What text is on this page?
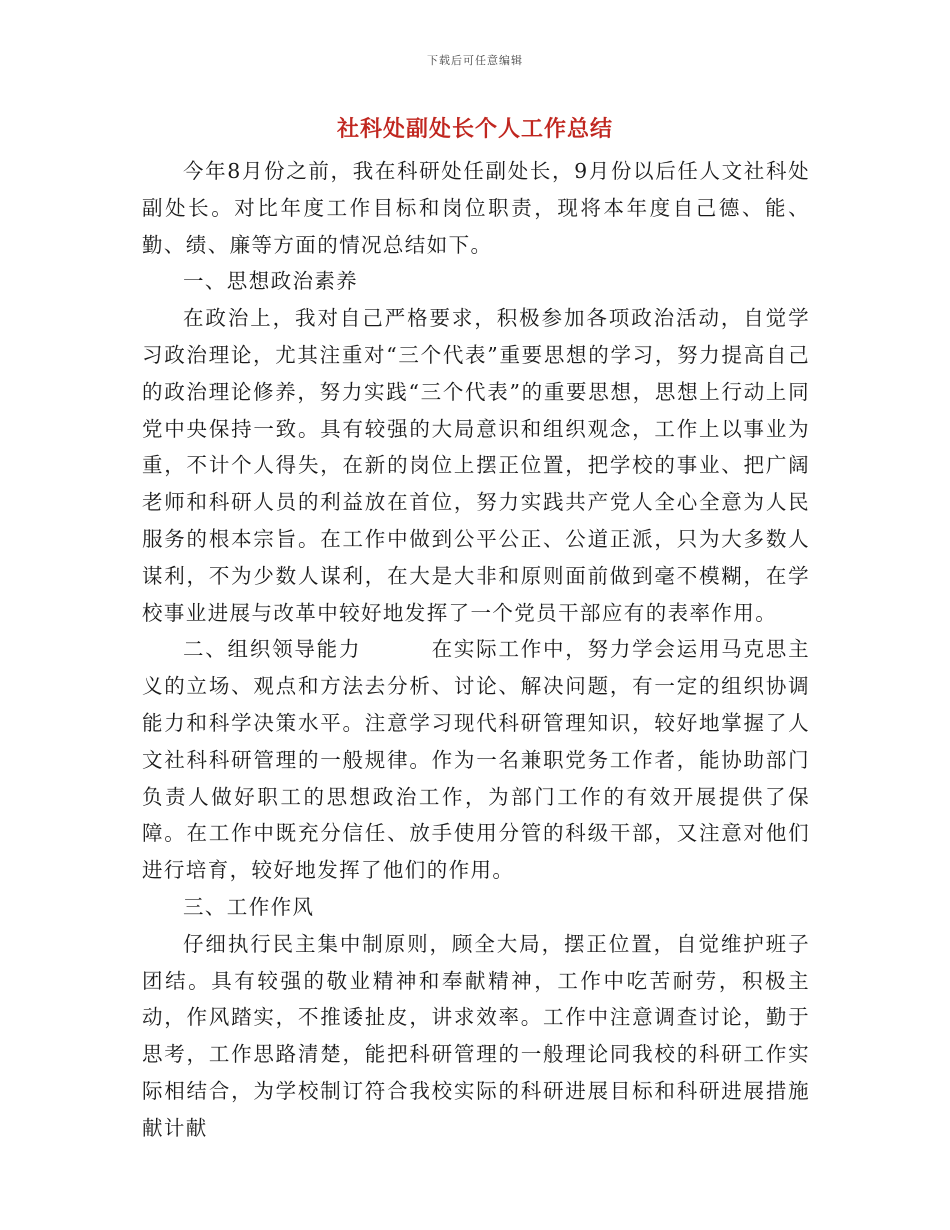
下载后可任意编辑
社科处副处长个人工作总结

今年8月份之前，我在科研处任副处长，9月份以后任人文社科处副处长。对比年度工作目标和岗位职责，现将本年度自己德、能、勤、绩、廉等方面的情况总结如下。

一、思想政治素养

在政治上，我对自己严格要求，积极参加各项政治活动，自觉学习政治理论，尤其注重对“三个代表”重要思想的学习，努力提高自己的政治理论修养，努力实践“三个代表”的重要思想，思想上行动上同党中央保持一致。具有较强的大局意识和组织观念，工作上以事业为重，不计个人得失，在新的岗位上摆正位置，把学校的事业、把广阔老师和科研人员的利益放在首位，努力实践共产党人全心全意为人民服务的根本宗旨。在工作中做到公平公正、公道正派，只为大多数人谋利，不为少数人谋利，在大是大非和原则面前做到毫不模糊，在学校事业进展与改革中较好地发挥了一个党员干部应有的表率作用。

二、组织领导能力	在实际工作中，努力学会运用马克思主义的立场、观点和方法去分析、讨论、解决问题，有一定的组织协调能力和科学决策水平。注意学习现代科研管理知识，较好地掌握了人文社科科研管理的一般规律。作为一名兼职党务工作者，能协助部门负责人做好职工的思想政治工作，为部门工作的有效开展提供了保障。在工作中既充分信任、放手使用分管的科级干部，又注意对他们进行培育，较好地发挥了他们的作用。

三、工作作风

仔细执行民主集中制原则，顾全大局，摆正位置，自觉维护班子团结。具有较强的敬业精神和奉献精神，工作中吃苦耐劳，积极主动，作风踏实，不推诿扯皮，讲求效率。工作中注意调查讨论，勤于思考，工作思路清楚，能把科研管理的一般理论同我校的科研工作实际相结合，为学校制订符合我校实际的科研进展目标和科研进展措施献计献
